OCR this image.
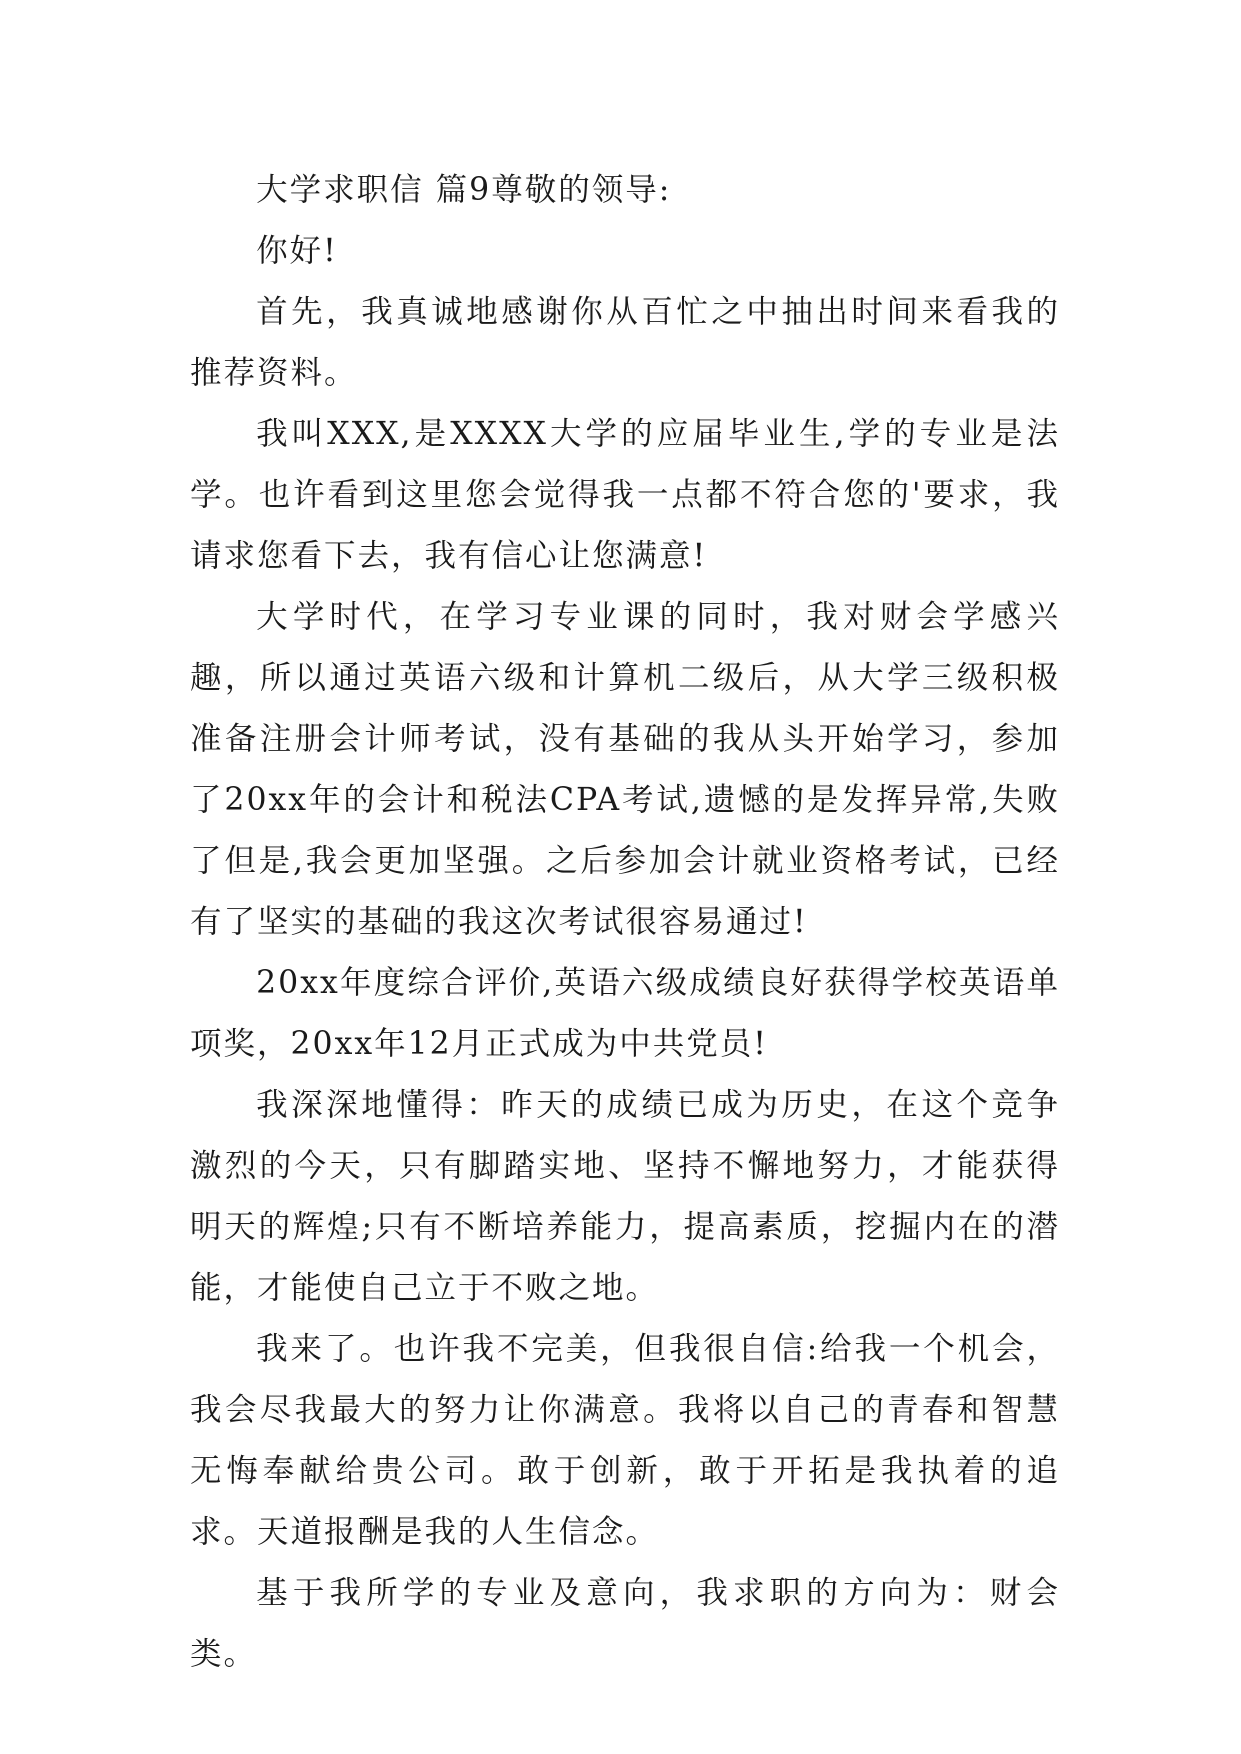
大学求职信 篇9尊敬的领导:

你好!

首先，我真诚地感谢你从百忙之中抽出时间来看我的推荐资料。

我叫XXX,是XXXX大学的应届毕业生,学的专业是法学。也许看到这里您会觉得我一点都不符合您的'要求，我请求您看下去，我有信心让您满意!

大学时代，在学习专业课的同时，我对财会学感兴趣，所以通过英语六级和计算机二级后，从大学三级积极准备注册会计师考试，没有基础的我从头开始学习，参加了20xx年的会计和税法CPA考试,遗憾的是发挥异常,失败了但是,我会更加坚强。之后参加会计就业资格考试，已经有了坚实的基础的我这次考试很容易通过!

20xx年度综合评价,英语六级成绩良好获得学校英语单项奖，20xx年12月正式成为中共党员!

我深深地懂得：昨天的成绩已成为历史，在这个竞争激烈的今天，只有脚踏实地、坚持不懈地努力，才能获得明天的辉煌;只有不断培养能力，提高素质，挖掘内在的潜能，才能使自己立于不败之地。

我来了。也许我不完美，但我很自信:给我一个机会，我会尽我最大的努力让你满意。我将以自己的青春和智慧无悔奉献给贵公司。敢于创新，敢于开拓是我执着的追求。天道报酬是我的人生信念。

基于我所学的专业及意向，我求职的方向为：财会类。
